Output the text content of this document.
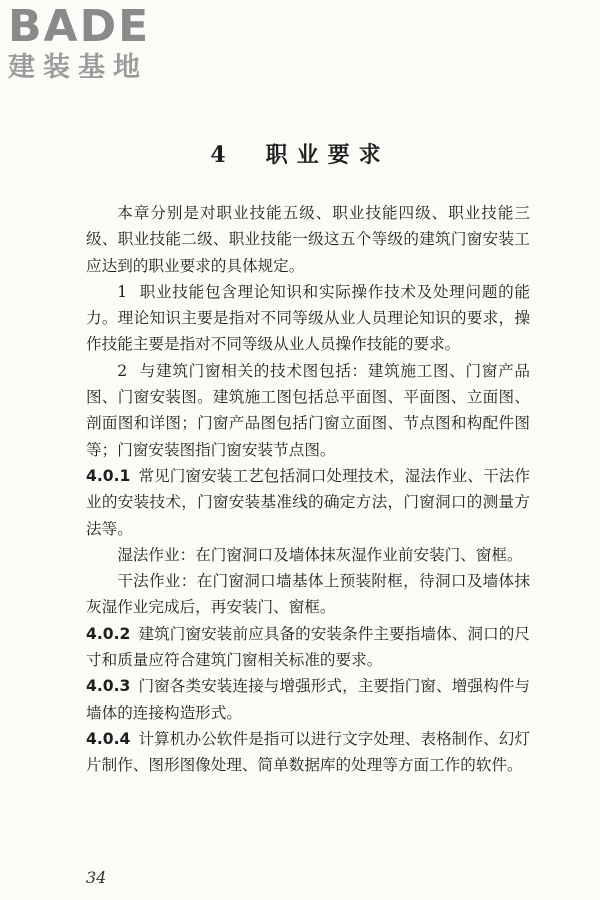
BADE
建装基地
4　职业要求

本章分别是对职业技能五级、职业技能四级、职业技能三级、职业技能二级、职业技能一级这五个等级的建筑门窗安装工应达到的职业要求的具体规定。

1 职业技能包含理论知识和实际操作技术及处理问题的能力。理论知识主要是指对不同等级从业人员理论知识的要求，操作技能主要是指对不同等级从业人员操作技能的要求。

2 与建筑门窗相关的技术图包括：建筑施工图、门窗产品图、门窗安装图。建筑施工图包括总平面图、平面图、立面图、剖面图和详图；门窗产品图包括门窗立面图、节点图和构配件图等；门窗安装图指门窗安装节点图。

4.0.1 常见门窗安装工艺包括洞口处理技术，湿法作业、干法作业的安装技术，门窗安装基准线的确定方法，门窗洞口的测量方法等。

湿法作业：在门窗洞口及墙体抹灰湿作业前安装门、窗框。

干法作业：在门窗洞口墙基体上预装附框，待洞口及墙体抹灰湿作业完成后，再安装门、窗框。

4.0.2 建筑门窗安装前应具备的安装条件主要指墙体、洞口的尺寸和质量应符合建筑门窗相关标准的要求。

4.0.3 门窗各类安装连接与增强形式，主要指门窗、增强构件与墙体的连接构造形式。

4.0.4 计算机办公软件是指可以进行文字处理、表格制作、幻灯片制作、图形图像处理、简单数据库的处理等方面工作的软件。

34
